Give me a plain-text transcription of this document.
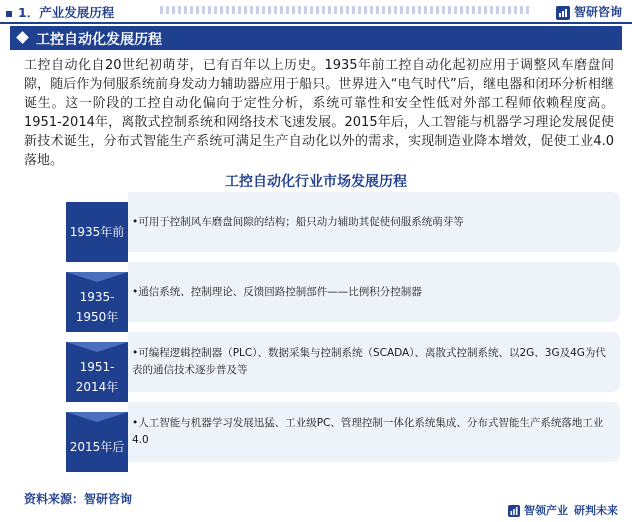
1．产业发展历程	智研咨询
工控自动化发展历程
工控自动化自20世纪初萌芽，已有百年以上历史。1935年前工控自动化起初应用于调整风车磨盘间隙，随后作为伺服系统前身发动力辅助器应用于船只。世界进入“电气时代”后，继电器和闭环分析相继诞生。这一阶段的工控自动化偏向于定性分析，系统可靠性和安全性低对外部工程师依赖程度高。1951-2014年，离散式控制系统和网络技术飞速发展。2015年后，人工智能与机器学习理论发展促使新技术诞生，分布式智能生产系统可满足生产自动化以外的需求，实现制造业降本增效，促使工业4.0落地。
工控自动化行业市场发展历程
1935年前
•可用于控制风车磨盘间隙的结构；船只动力辅助其促使伺服系统萌芽等
1935-1950年
•通信系统、控制理论、反馈回路控制部件——比例积分控制器
1951-2014年
•可编程逻辑控制器（PLC）、数据采集与控制系统（SCADA）、离散式控制系统、以2G、3G及4G为代表的通信技术逐步普及等
2015年后
•人工智能与机器学习发展迅猛、工业级PC、管理控制一体化系统集成、分布式智能生产系统落地工业4.0
资料来源：智研咨询
智领产业 研判未来
